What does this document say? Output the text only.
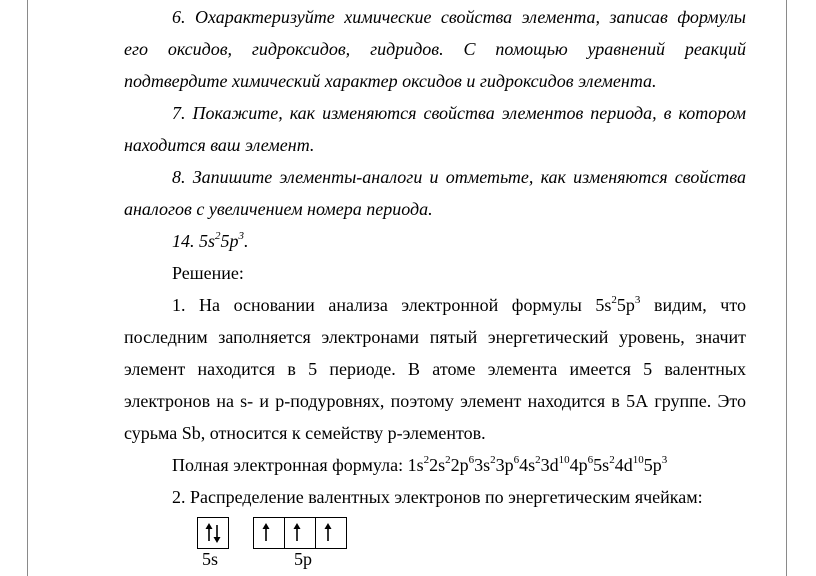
6. Охарактеризуйте химические свойства элемента, записав формулы

его оксидов, гидроксидов, гидридов. С помощью уравнений реакций

подтвердите химический характер оксидов и гидроксидов элемента.

7. Покажите, как изменяются свойства элементов периода, в котором

находится ваш элемент.

8. Запишите элементы-аналоги и отметьте, как изменяются свойства

аналогов с увеличением номера периода.

14. $5s^25p^3$.

Решение:

1. На основании анализа электронной формулы $5s^25p^3$ видим, что

последним заполняется электронами пятый энергетический уровень, значит

элемент находится в 5 периоде. В атоме элемента имеется 5 валентных

электронов на s- и p-подуровнях, поэтому элемент находится в 5А группе. Это

сурьма Sb, относится к семейству p-элементов.

Полная электронная формула: $1s^22s^22p^63s^23p^64s^23d^{10}4p^65s^24d^{10}5p^3$

2. Распределение валентных электронов по энергетическим ячейкам:

5s	5p
